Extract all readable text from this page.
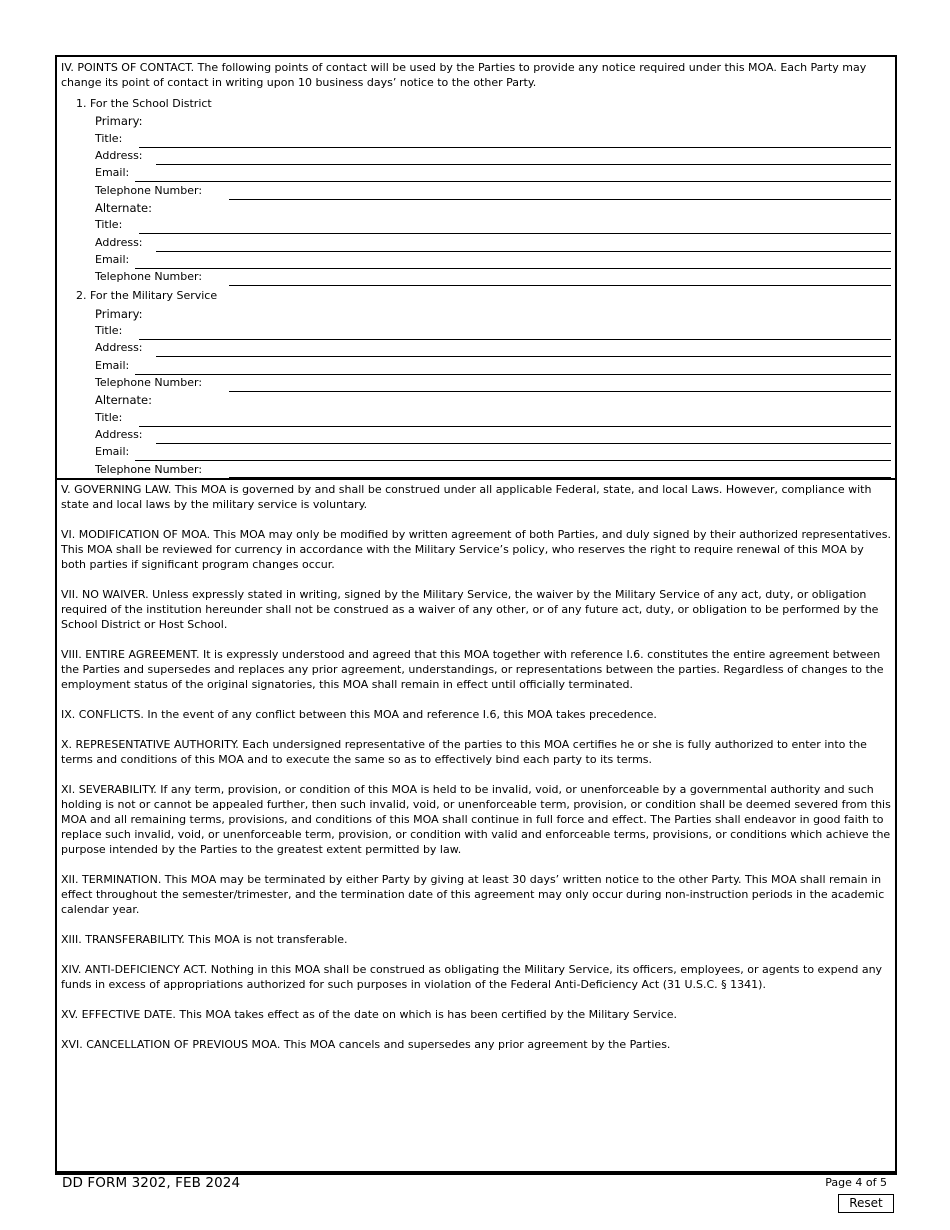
IV. POINTS OF CONTACT. The following points of contact will be used by the Parties to provide any notice required under this MOA. Each Party may change its point of contact in writing upon 10 business days’ notice to the other Party.

1. For the School District
Primary:
Title:
Address:
Email:
Telephone Number:
Alternate:
Title:
Address:
Email:
Telephone Number:
2. For the Military Service
Primary:
Title:
Address:
Email:
Telephone Number:
Alternate:
Title:
Address:
Email:
Telephone Number:

V. GOVERNING LAW. This MOA is governed by and shall be construed under all applicable Federal, state, and local Laws. However, compliance with state and local laws by the military service is voluntary.

VI. MODIFICATION OF MOA. This MOA may only be modified by written agreement of both Parties, and duly signed by their authorized representatives. This MOA shall be reviewed for currency in accordance with the Military Service’s policy, who reserves the right to require renewal of this MOA by both parties if significant program changes occur.

VII. NO WAIVER. Unless expressly stated in writing, signed by the Military Service, the waiver by the Military Service of any act, duty, or obligation required of the institution hereunder shall not be construed as a waiver of any other, or of any future act, duty, or obligation to be performed by the School District or Host School.

VIII. ENTIRE AGREEMENT. It is expressly understood and agreed that this MOA together with reference I.6. constitutes the entire agreement between the Parties and supersedes and replaces any prior agreement, understandings, or representations between the parties. Regardless of changes to the employment status of the original signatories, this MOA shall remain in effect until officially terminated.

IX. CONFLICTS. In the event of any conflict between this MOA and reference I.6, this MOA takes precedence.

X. REPRESENTATIVE AUTHORITY. Each undersigned representative of the parties to this MOA certifies he or she is fully authorized to enter into the terms and conditions of this MOA and to execute the same so as to effectively bind each party to its terms.

XI. SEVERABILITY. If any term, provision, or condition of this MOA is held to be invalid, void, or unenforceable by a governmental authority and such holding is not or cannot be appealed further, then such invalid, void, or unenforceable term, provision, or condition shall be deemed severed from this MOA and all remaining terms, provisions, and conditions of this MOA shall continue in full force and effect. The Parties shall endeavor in good faith to replace such invalid, void, or unenforceable term, provision, or condition with valid and enforceable terms, provisions, or conditions which achieve the purpose intended by the Parties to the greatest extent permitted by law.

XII. TERMINATION. This MOA may be terminated by either Party by giving at least 30 days’ written notice to the other Party. This MOA shall remain in effect throughout the semester/trimester, and the termination date of this agreement may only occur during non-instruction periods in the academic calendar year.

XIII. TRANSFERABILITY. This MOA is not transferable.

XIV. ANTI-DEFICIENCY ACT. Nothing in this MOA shall be construed as obligating the Military Service, its officers, employees, or agents to expend any funds in excess of appropriations authorized for such purposes in violation of the Federal Anti-Deficiency Act (31 U.S.C. § 1341).

XV. EFFECTIVE DATE. This MOA takes effect as of the date on which is has been certified by the Military Service.

XVI. CANCELLATION OF PREVIOUS MOA. This MOA cancels and supersedes any prior agreement by the Parties.

DD FORM 3202, FEB 2024	Page 4 of 5
Reset
